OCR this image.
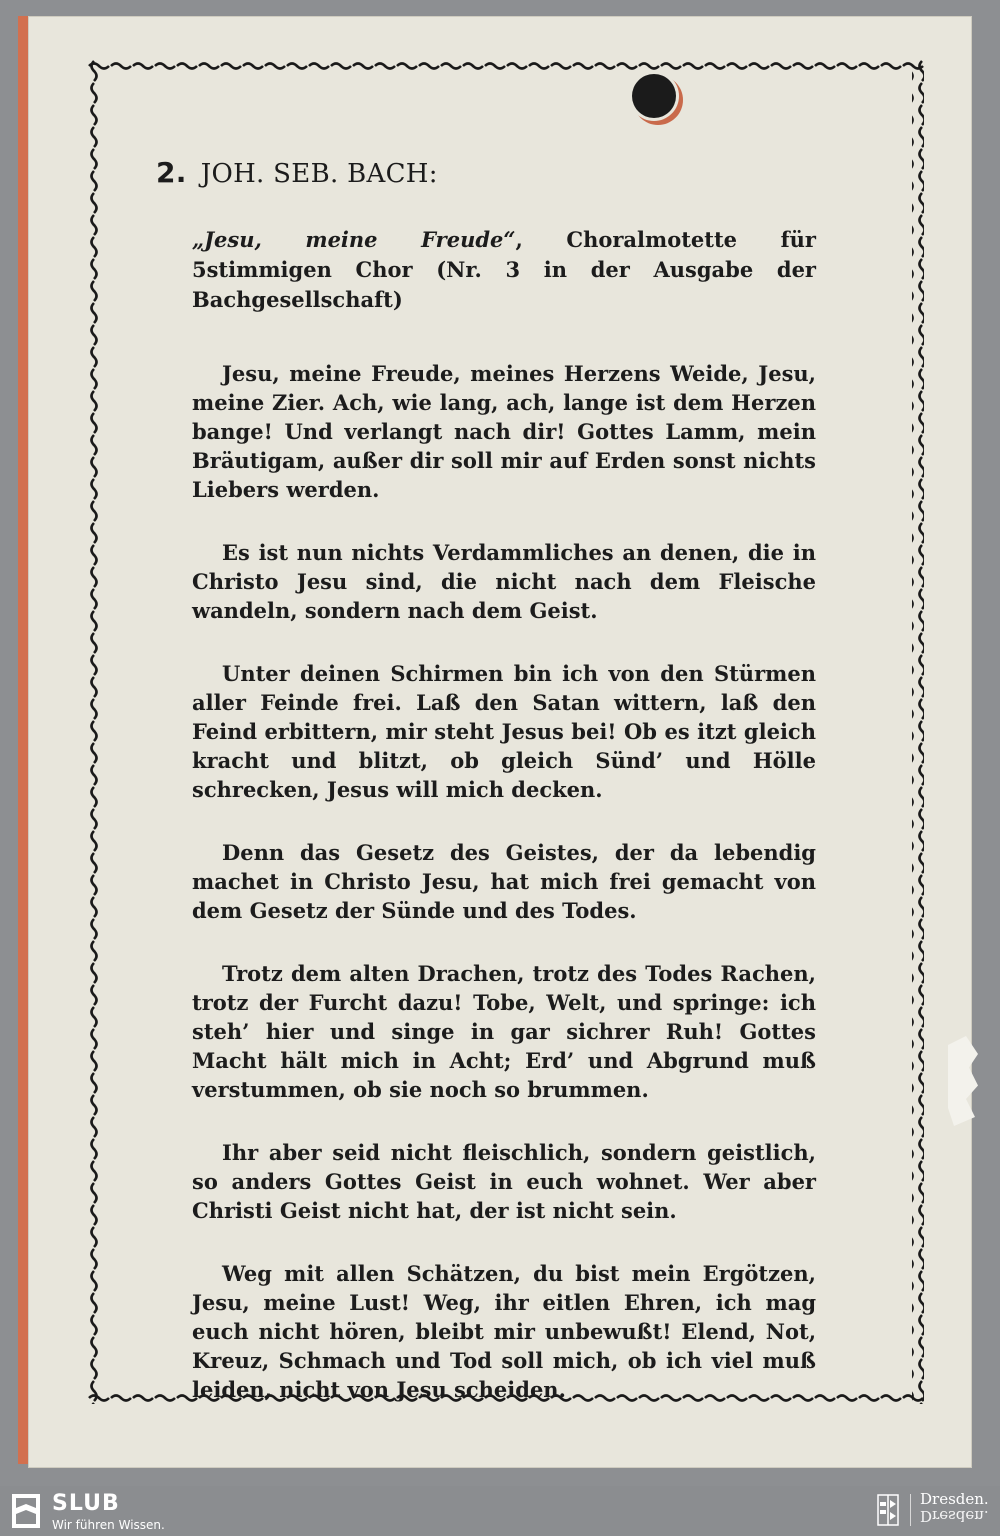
2. JOH. SEB. BACH:

„Jesu, meine Freude“, Choralmotette für 5stimmigen Chor (Nr. 3 in der Ausgabe der Bachgesellschaft)

Jesu, meine Freude, meines Herzens Weide, Jesu, meine Zier. Ach, wie lang, ach, lange ist dem Herzen bange! Und verlangt nach dir! Gottes Lamm, mein Bräutigam, außer dir soll mir auf Erden sonst nichts Liebers werden.

Es ist nun nichts Verdammliches an denen, die in Christo Jesu sind, die nicht nach dem Fleische wandeln, sondern nach dem Geist.

Unter deinen Schirmen bin ich von den Stürmen aller Feinde frei. Laß den Satan wittern, laß den Feind erbittern, mir steht Jesus bei! Ob es itzt gleich kracht und blitzt, ob gleich Sünd’ und Hölle schrecken, Jesus will mich decken.

Denn das Gesetz des Geistes, der da lebendig machet in Christo Jesu, hat mich frei gemacht von dem Gesetz der Sünde und des Todes.

Trotz dem alten Drachen, trotz des Todes Rachen, trotz der Furcht dazu! Tobe, Welt, und springe: ich steh’ hier und singe in gar sichrer Ruh! Gottes Macht hält mich in Acht; Erd’ und Abgrund muß verstummen, ob sie noch so brummen.

Ihr aber seid nicht fleischlich, sondern geistlich, so anders Gottes Geist in euch wohnet. Wer aber Christi Geist nicht hat, der ist nicht sein.

Weg mit allen Schätzen, du bist mein Ergötzen, Jesu, meine Lust! Weg, ihr eitlen Ehren, ich mag euch nicht hören, bleibt mir unbewußt! Elend, Not, Kreuz, Schmach und Tod soll mich, ob ich viel muß leiden, nicht von Jesu scheiden.

SLUB
Wir führen Wissen.
Dresden.
Dresden.
